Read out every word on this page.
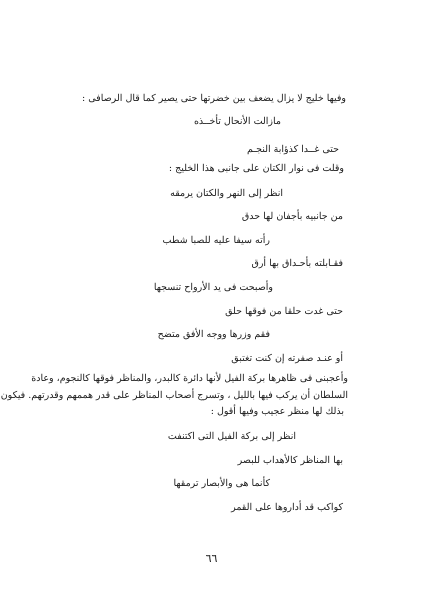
وفيها خليج لا يزال يضعف بين خضرتها حتى يصير كما قال الرصافى :
مازالت الأنحال تأخــذه
حتى غــدا كذؤابة النجـم
وقلت فى نوار الكتان على جانبى هذا الخليج :
انظر إلى النهر والكتان يرمقه
من جانبيه بأجفان لها حدق
رأته سيفا عليه للصبا شطب
فقـابلته بأحـداق بها أرق
وأصبحت فى يد الأرواح تنسجها
حتى غدت حلقا من فوقها حلق
فقم وزرها ووجه الأفق متضح
أو عنـد صفرته إن كنت تغتبق
وأعجبنى فى ظاهرها بركة الفيل لأنها دائرة كالبدر، والمناظر فوقها كالنجوم، وعادة
السلطان أن يركب فيها بالليل ، وتسرج أصحاب المناظر على قدر هممهم وقدرتهم. فيكون
بذلك لها منظر عجيب وفيها أقول :
انظر إلى بركة الفيل التى اكتنفت
بها المناظر كالأهداب للبصر
كأنما هى والأبصار ترمقها
كواكب قد أداروها على القمر
٦٦
